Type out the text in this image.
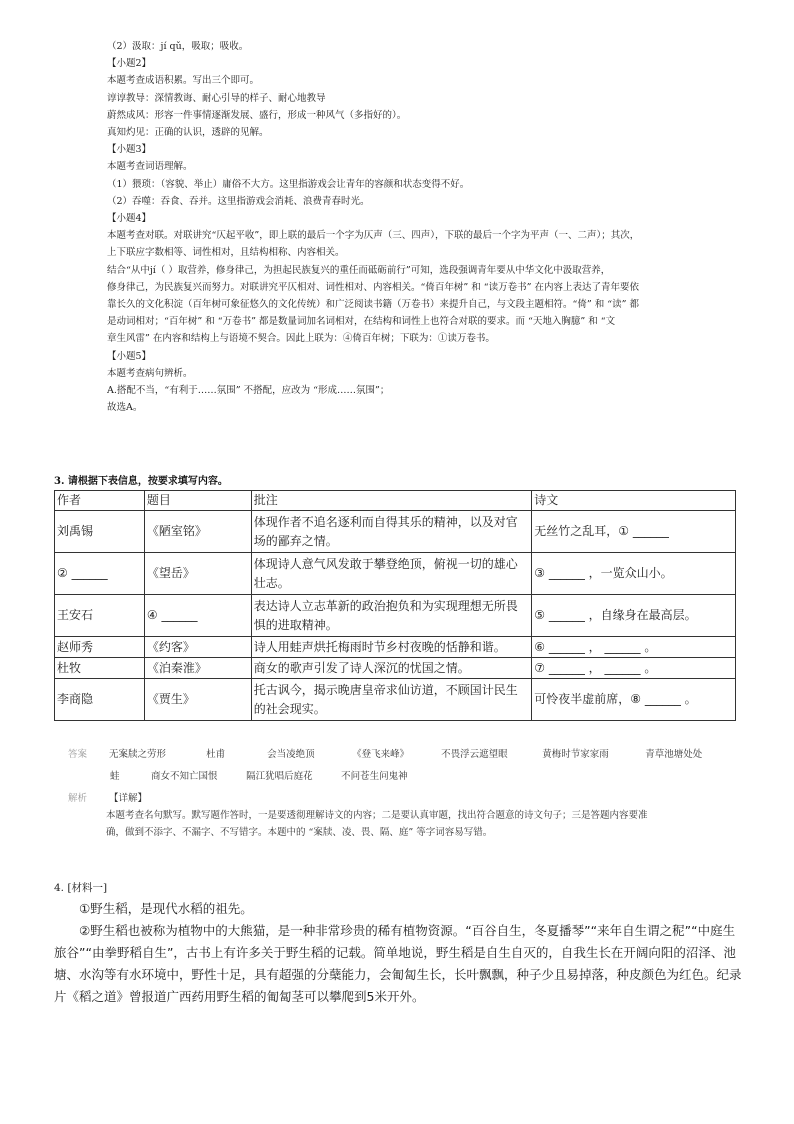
（2）汲取：jí qǔ，吸取；吸收。
【小题2】
本题考查成语积累。写出三个即可。
谆谆教导：深情教诲、耐心引导的样子、耐心地教导
蔚然成风：形容一件事情逐渐发展、盛行，形成一种风气（多指好的）。
真知灼见：正确的认识，透辟的见解。
【小题3】
本题考查词语理解。
（1）猥琐：（容貌、举止）庸俗不大方。这里指游戏会让青年的容颜和状态变得不好。
（2）吞噬：吞食、吞并。这里指游戏会消耗、浪费青春时光。
【小题4】
本题考查对联。对联讲究“仄起平收”，即上联的最后一个字为仄声（三、四声），下联的最后一个字为平声（一、二声）；其次，
上下联应字数相等、词性相对，且结构相称、内容相关。
结合“从中jí（ ）取营养，修身律己，为担起民族复兴的重任而砥砺前行”可知，选段强调青年要从中华文化中汲取营养，
修身律己，为民族复兴而努力。对联讲究平仄相对、词性相对、内容相关。“倚百年树” 和 “读万卷书” 在内容上表达了青年要依
靠长久的文化积淀（百年树可象征悠久的文化传统）和广泛阅读书籍（万卷书）来提升自己，与文段主题相符。“倚” 和 “读” 都
是动词相对；“百年树” 和 “万卷书” 都是数量词加名词相对，在结构和词性上也符合对联的要求。而 “天地入胸臆” 和 “文
章生风雷” 在内容和结构上与语境不契合。因此上联为：④倚百年树；下联为：①读万卷书。
【小题5】
本题考查病句辨析。
A.搭配不当，“有利于……氛围” 不搭配，应改为 “形成……氛围”；
故选A。
3. 请根据下表信息，按要求填写内容。
作者	题目	批注	诗文
刘禹锡	《陋室铭》	体现作者不追名逐利而自得其乐的精神，以及对官场的鄙弃之情。	无丝竹之乱耳，① ______
② ______	《望岳》	体现诗人意气风发敢于攀登绝顶，俯视一切的雄心壮志。	③ ______ ，一览众山小。
王安石	④ ______	表达诗人立志革新的政治抱负和为实现理想无所畏惧的进取精神。	⑤ ______ ，自缘身在最高层。
赵师秀	《约客》	诗人用蛙声烘托梅雨时节乡村夜晚的恬静和谐。	⑥ ______ ， ______ 。
杜牧	《泊秦淮》	商女的歌声引发了诗人深沉的忧国之情。	⑦ ______ ， ______ 。
李商隐	《贾生》	托古讽今，揭示晚唐皇帝求仙访道，不顾国计民生的社会现实。	可怜夜半虚前席，⑧ ______ 。
答案 无案牍之劳形	杜甫	会当凌绝顶	《登飞来峰》	不畏浮云遮望眼	黄梅时节家家雨	青草池塘处处
蛙	商女不知亡国恨	隔江犹唱后庭花	不问苍生问鬼神
解析 【详解】
本题考查名句默写。默写题作答时，一是要透彻理解诗文的内容；二是要认真审题，找出符合题意的诗文句子；三是答题内容要准
确，做到不添字、不漏字、不写错字。本题中的 “案牍、凌、畏、隔、庭” 等字词容易写错。
4. [材料一]

①野生稻，是现代水稻的祖先。

②野生稻也被称为植物中的大熊猫，是一种非常珍贵的稀有植物资源。“百谷自生，冬夏播琴”“来年自生谓之秜”“中庭生旅谷”“由拳野稻自生”，古书上有许多关于野生稻的记载。简单地说，野生稻是自生自灭的，自我生长在开阔向阳的沼泽、池塘、水沟等有水环境中，野性十足，具有超强的分蘖能力，会匍匐生长，长叶飘飘，种子少且易掉落，种皮颜色为红色。纪录片《稻之道》曾报道广西药用野生稻的匍匐茎可以攀爬到5米开外。
